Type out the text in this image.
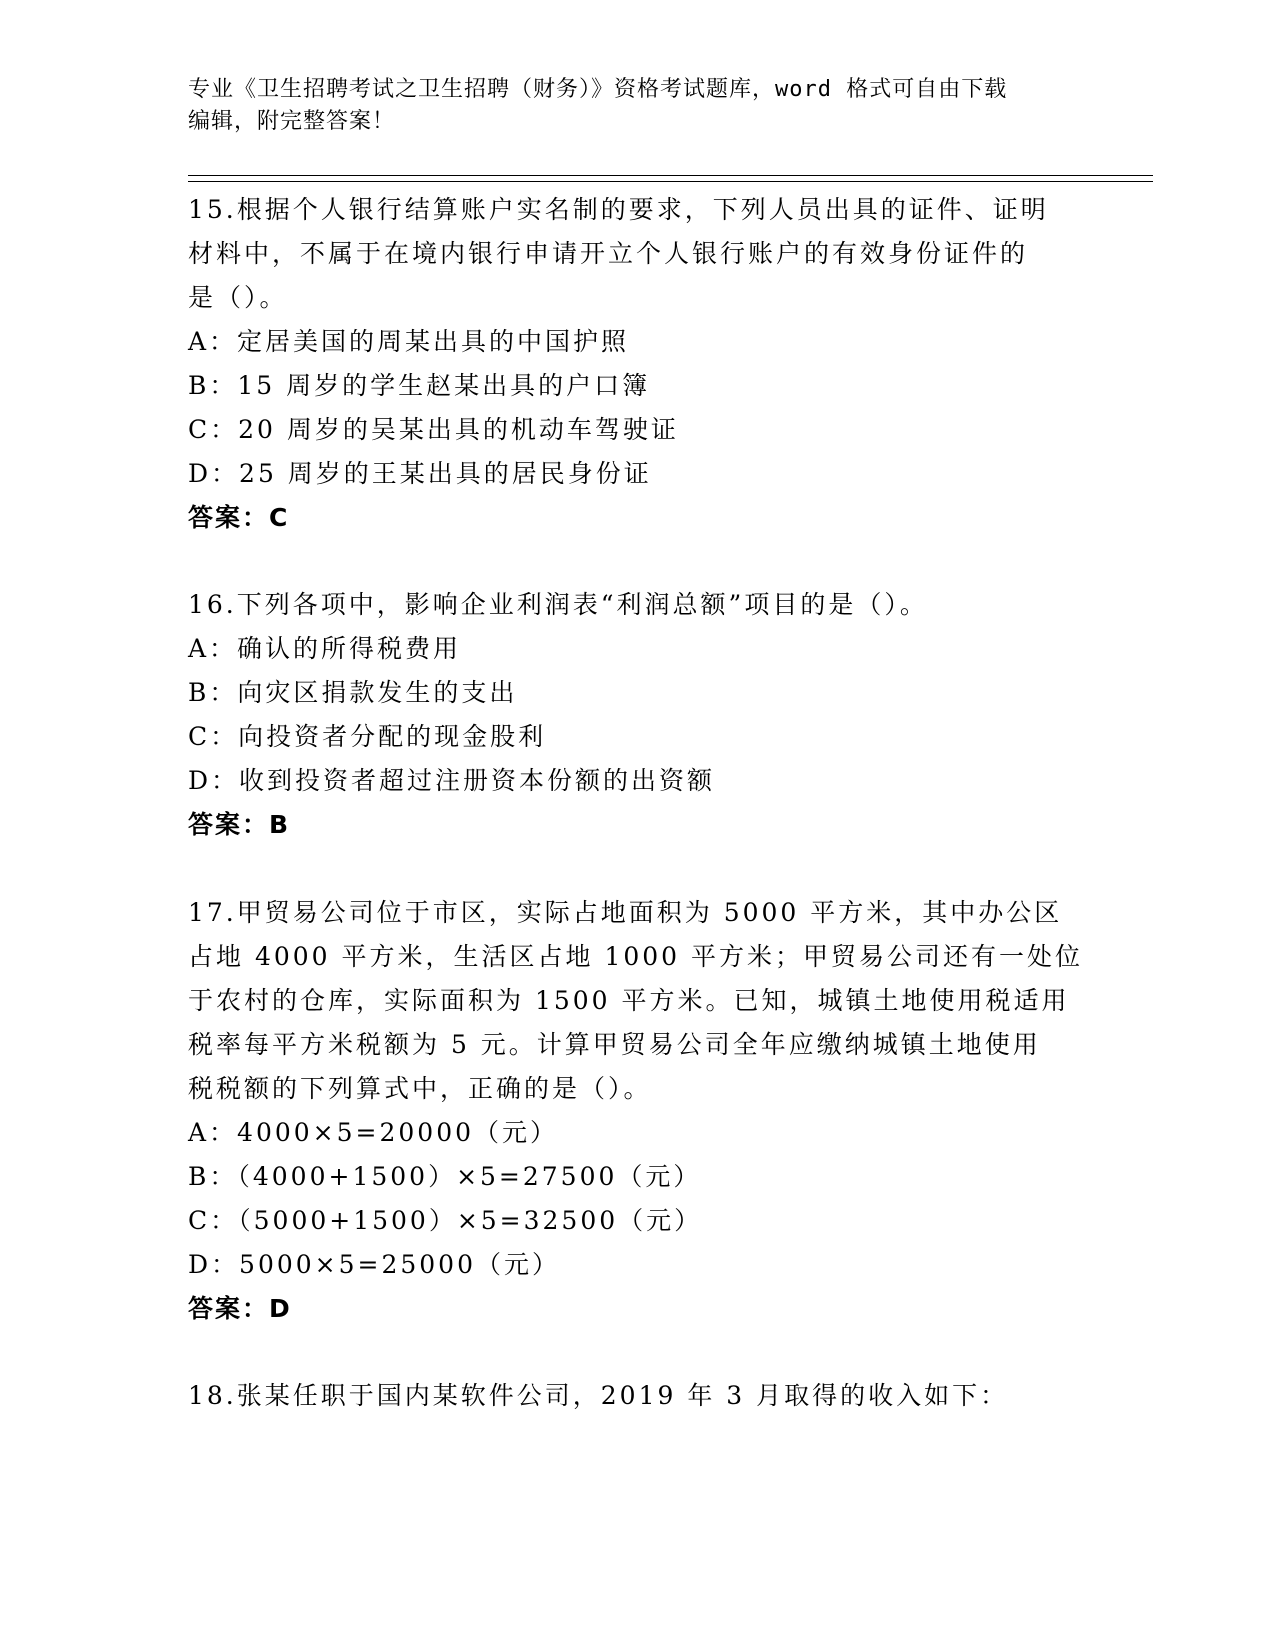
专业《卫生招聘考试之卫生招聘（财务）》资格考试题库，word 格式可自由下载
编辑，附完整答案！
15.根据个人银行结算账户实名制的要求，下列人员出具的证件、证明
材料中，不属于在境内银行申请开立个人银行账户的有效身份证件的
是（）。
A：定居美国的周某出具的中国护照
B：15 周岁的学生赵某出具的户口簿
C：20 周岁的吴某出具的机动车驾驶证
D：25 周岁的王某出具的居民身份证
答案：C
16.下列各项中，影响企业利润表“利润总额”项目的是（）。
A：确认的所得税费用
B：向灾区捐款发生的支出
C：向投资者分配的现金股利
D：收到投资者超过注册资本份额的出资额
答案：B
17.甲贸易公司位于市区，实际占地面积为 5000 平方米，其中办公区
占地 4000 平方米，生活区占地 1000 平方米；甲贸易公司还有一处位
于农村的仓库，实际面积为 1500 平方米。已知，城镇土地使用税适用
税率每平方米税额为 5 元。计算甲贸易公司全年应缴纳城镇土地使用
税税额的下列算式中，正确的是（）。
A：4000×5=20000（元）
B：（4000+1500）×5=27500（元）
C：（5000+1500）×5=32500（元）
D：5000×5=25000（元）
答案：D
18.张某任职于国内某软件公司，2019 年 3 月取得的收入如下：
